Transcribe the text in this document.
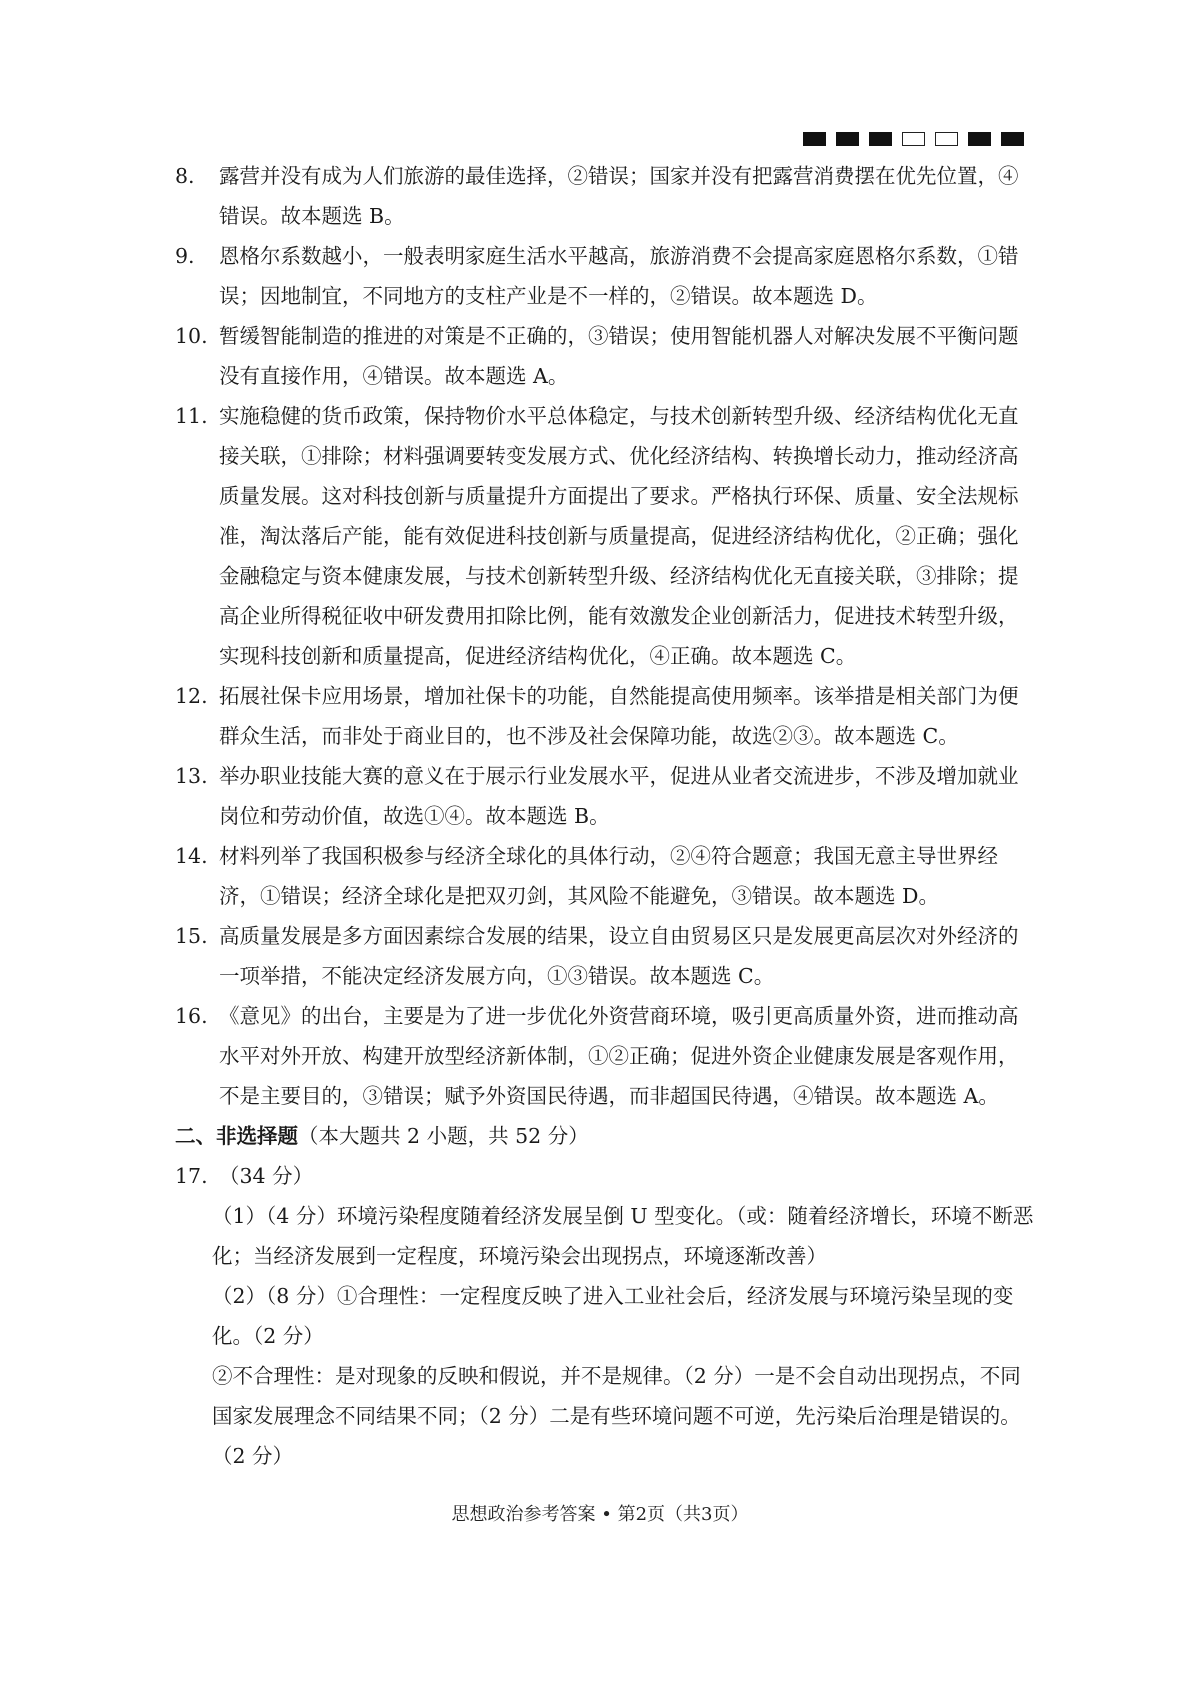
8. 露营并没有成为人们旅游的最佳选择，②错误；国家并没有把露营消费摆在优先位置，④错误。故本题选 B。
9. 恩格尔系数越小，一般表明家庭生活水平越高，旅游消费不会提高家庭恩格尔系数，①错误；因地制宜，不同地方的支柱产业是不一样的，②错误。故本题选 D。
10. 暂缓智能制造的推进的对策是不正确的，③错误；使用智能机器人对解决发展不平衡问题没有直接作用，④错误。故本题选 A。
11. 实施稳健的货币政策，保持物价水平总体稳定，与技术创新转型升级、经济结构优化无直接关联，①排除；材料强调要转变发展方式、优化经济结构、转换增长动力，推动经济高质量发展。这对科技创新与质量提升方面提出了要求。严格执行环保、质量、安全法规标准，淘汰落后产能，能有效促进科技创新与质量提高，促进经济结构优化，②正确；强化金融稳定与资本健康发展，与技术创新转型升级、经济结构优化无直接关联，③排除；提高企业所得税征收中研发费用扣除比例，能有效激发企业创新活力，促进技术转型升级，实现科技创新和质量提高，促进经济结构优化，④正确。故本题选 C。
12. 拓展社保卡应用场景，增加社保卡的功能，自然能提高使用频率。该举措是相关部门为便群众生活，而非处于商业目的，也不涉及社会保障功能，故选②③。故本题选 C。
13. 举办职业技能大赛的意义在于展示行业发展水平，促进从业者交流进步，不涉及增加就业岗位和劳动价值，故选①④。故本题选 B。
14. 材料列举了我国积极参与经济全球化的具体行动，②④符合题意；我国无意主导世界经济，①错误；经济全球化是把双刃剑，其风险不能避免，③错误。故本题选 D。
15. 高质量发展是多方面因素综合发展的结果，设立自由贸易区只是发展更高层次对外经济的一项举措，不能决定经济发展方向，①③错误。故本题选 C。
16. 《意见》的出台，主要是为了进一步优化外资营商环境，吸引更高质量外资，进而推动高水平对外开放、构建开放型经济新体制，①②正确；促进外资企业健康发展是客观作用，不是主要目的，③错误；赋予外资国民待遇，而非超国民待遇，④错误。故本题选 A。
二、非选择题（本大题共 2 小题，共 52 分）
17. （34 分）
（1）（4 分）环境污染程度随着经济发展呈倒 U 型变化。（或：随着经济增长，环境不断恶化；当经济发展到一定程度，环境污染会出现拐点，环境逐渐改善）
（2）（8 分）①合理性：一定程度反映了进入工业社会后，经济发展与环境污染呈现的变化。（2 分）
②不合理性：是对现象的反映和假说，并不是规律。（2 分）一是不会自动出现拐点，不同国家发展理念不同结果不同；（2 分）二是有些环境问题不可逆，先污染后治理是错误的。（2 分）
思想政治参考答案 • 第2页（共3页）
